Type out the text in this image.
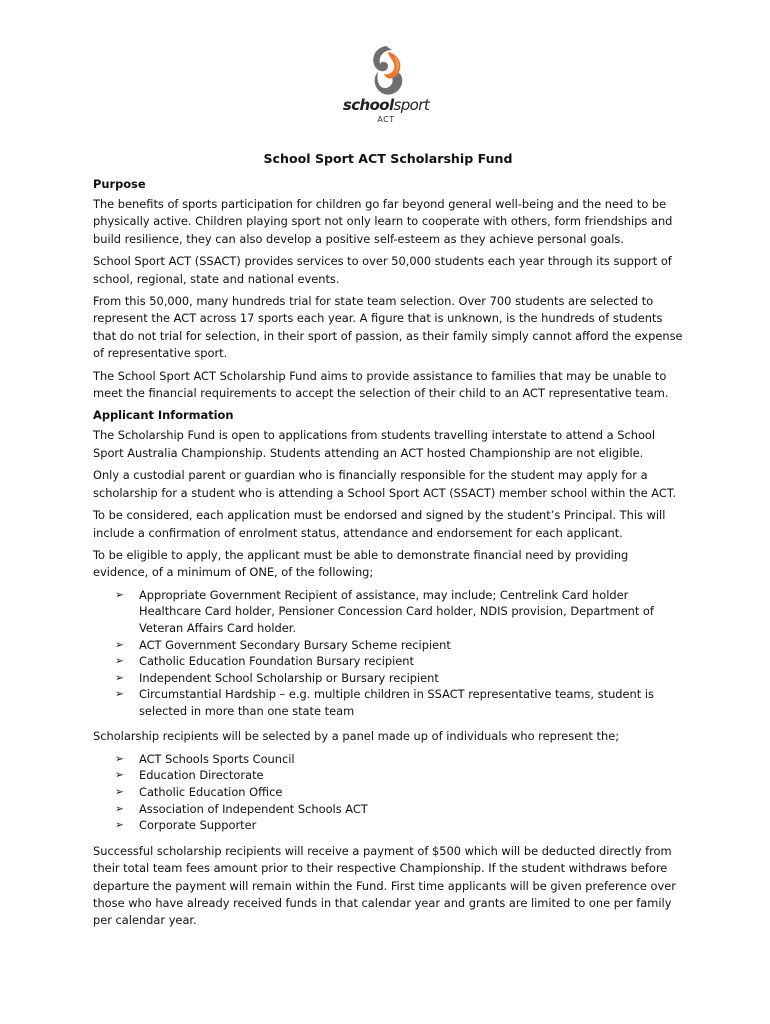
schoolsport
ACT
School Sport ACT Scholarship Fund
Purpose

The benefits of sports participation for children go far beyond general well-being and the need to be physically active. Children playing sport not only learn to cooperate with others, form friendships and build resilience, they can also develop a positive self-esteem as they achieve personal goals.

School Sport ACT (SSACT) provides services to over 50,000 students each year through its support of school, regional, state and national events.

From this 50,000, many hundreds trial for state team selection. Over 700 students are selected to represent the ACT across 17 sports each year. A figure that is unknown, is the hundreds of students that do not trial for selection, in their sport of passion, as their family simply cannot afford the expense of representative sport.

The School Sport ACT Scholarship Fund aims to provide assistance to families that may be unable to meet the financial requirements to accept the selection of their child to an ACT representative team.

Applicant Information

The Scholarship Fund is open to applications from students travelling interstate to attend a School Sport Australia Championship. Students attending an ACT hosted Championship are not eligible.

Only a custodial parent or guardian who is financially responsible for the student may apply for a scholarship for a student who is attending a School Sport ACT (SSACT) member school within the ACT.

To be considered, each application must be endorsed and signed by the student’s Principal. This will include a confirmation of enrolment status, attendance and endorsement for each applicant.

To be eligible to apply, the applicant must be able to demonstrate financial need by providing evidence, of a minimum of ONE, of the following;

➢ Appropriate Government Recipient of assistance, may include; Centrelink Card holder Healthcare Card holder, Pensioner Concession Card holder, NDIS provision, Department of Veteran Affairs Card holder.
➢ ACT Government Secondary Bursary Scheme recipient
➢ Catholic Education Foundation Bursary recipient
➢ Independent School Scholarship or Bursary recipient
➢ Circumstantial Hardship – e.g. multiple children in SSACT representative teams, student is selected in more than one state team

Scholarship recipients will be selected by a panel made up of individuals who represent the;

➢ ACT Schools Sports Council
➢ Education Directorate
➢ Catholic Education Office
➢ Association of Independent Schools ACT
➢ Corporate Supporter

Successful scholarship recipients will receive a payment of $500 which will be deducted directly from their total team fees amount prior to their respective Championship. If the student withdraws before departure the payment will remain within the Fund. First time applicants will be given preference over those who have already received funds in that calendar year and grants are limited to one per family per calendar year.
